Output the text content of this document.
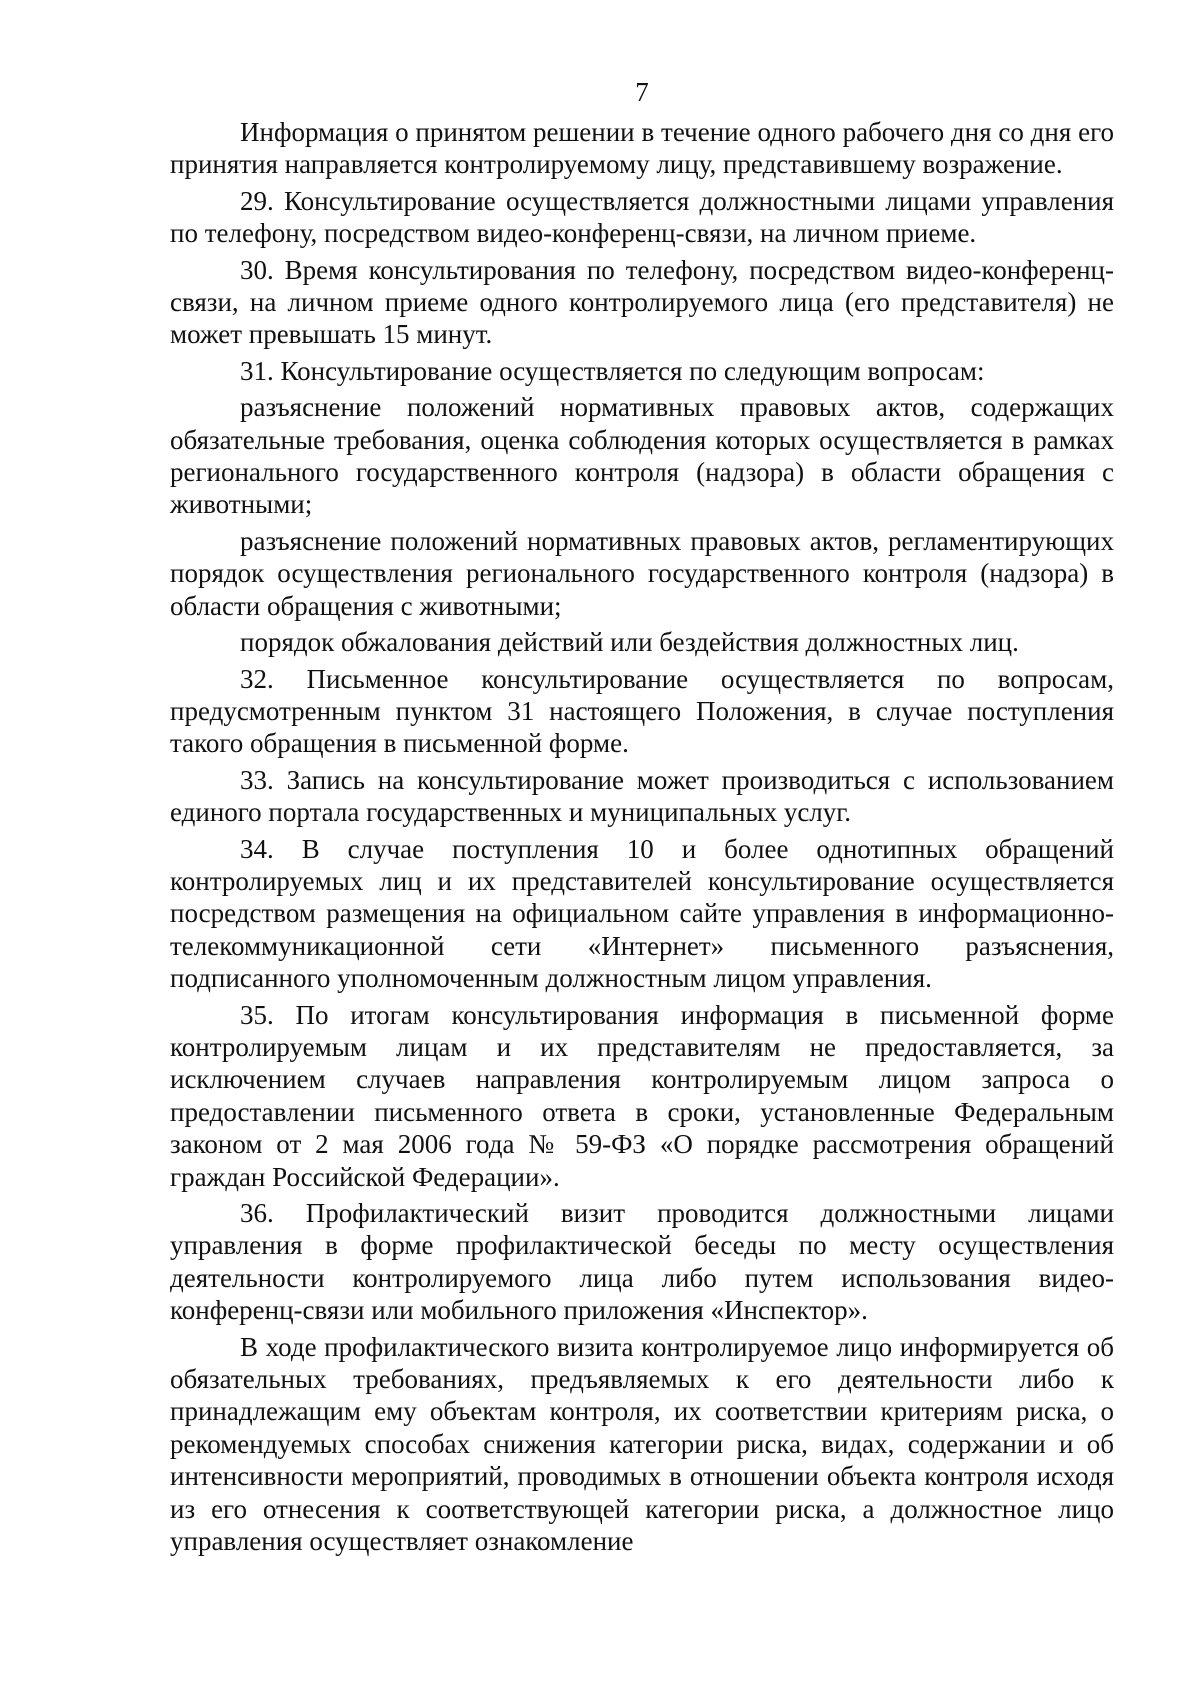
7

Информация о принятом решении в течение одного рабочего дня со дня его принятия направляется контролируемому лицу, представившему возражение.

29. Консультирование осуществляется должностными лицами управления по телефону, посредством видео-конференц-связи, на личном приеме.

30. Время консультирования по телефону, посредством видео-конференц-связи, на личном приеме одного контролируемого лица (его представителя) не может превышать 15 минут.

31. Консультирование осуществляется по следующим вопросам:

разъяснение положений нормативных правовых актов, содержащих обязательные требования, оценка соблюдения которых осуществляется в рамках регионального государственного контроля (надзора) в области обращения с животными;

разъяснение положений нормативных правовых актов, регламентирующих порядок осуществления регионального государственного контроля (надзора) в области обращения с животными;

порядок обжалования действий или бездействия должностных лиц.

32. Письменное консультирование осуществляется по вопросам, предусмотренным пунктом 31 настоящего Положения, в случае поступления такого обращения в письменной форме.

33. Запись на консультирование может производиться с использованием единого портала государственных и муниципальных услуг.

34. В случае поступления 10 и более однотипных обращений контролируемых лиц и их представителей консультирование осуществляется посредством размещения на официальном сайте управления в информационно-телекоммуникационной сети «Интернет» письменного разъяснения, подписанного уполномоченным должностным лицом управления.

35. По итогам консультирования информация в письменной форме контролируемым лицам и их представителям не предоставляется, за исключением случаев направления контролируемым лицом запроса о предоставлении письменного ответа в сроки, установленные Федеральным законом от 2 мая 2006 года № 59-ФЗ «О порядке рассмотрения обращений граждан Российской Федерации».

36. Профилактический визит проводится должностными лицами управления в форме профилактической беседы по месту осуществления деятельности контролируемого лица либо путем использования видео-конференц-связи или мобильного приложения «Инспектор».

В ходе профилактического визита контролируемое лицо информируется об обязательных требованиях, предъявляемых к его деятельности либо к принадлежащим ему объектам контроля, их соответствии критериям риска, о рекомендуемых способах снижения категории риска, видах, содержании и об интенсивности мероприятий, проводимых в отношении объекта контроля исходя из его отнесения к соответствующей категории риска, а должностное лицо управления осуществляет ознакомление
